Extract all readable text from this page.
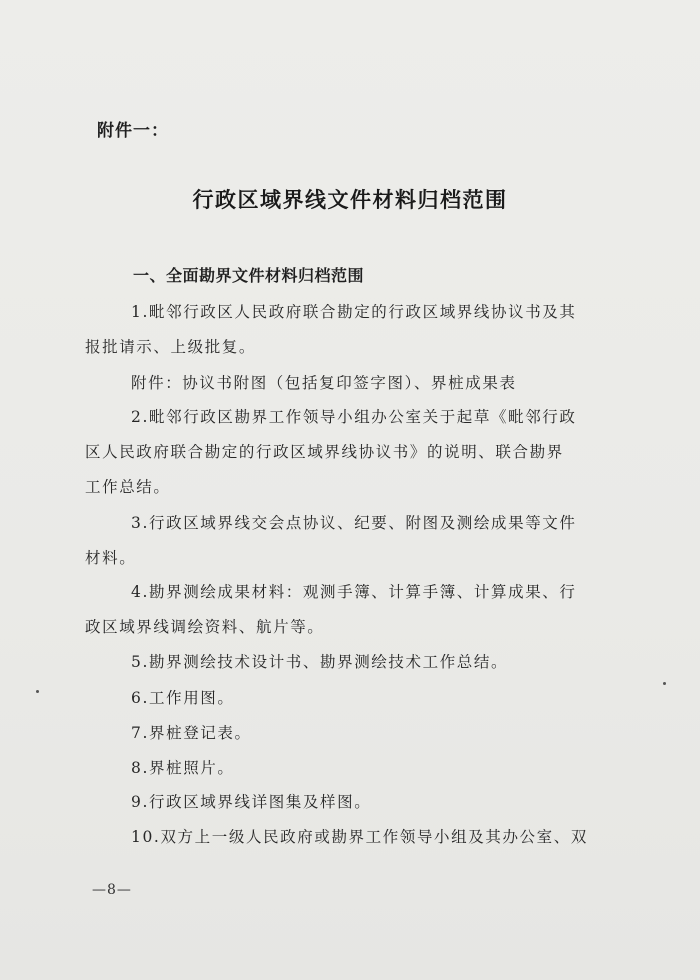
附件一：
行政区域界线文件材料归档范围
一、全面勘界文件材料归档范围
1.毗邻行政区人民政府联合勘定的行政区域界线协议书及其
报批请示、上级批复。
附件：协议书附图（包括复印签字图）、界桩成果表
2.毗邻行政区勘界工作领导小组办公室关于起草《毗邻行政
区人民政府联合勘定的行政区域界线协议书》的说明、联合勘界
工作总结。
3.行政区域界线交会点协议、纪要、附图及测绘成果等文件
材料。
4.勘界测绘成果材料：观测手簿、计算手簿、计算成果、行
政区域界线调绘资料、航片等。
5.勘界测绘技术设计书、勘界测绘技术工作总结。
6.工作用图。
7.界桩登记表。
8.界桩照片。
9.行政区域界线详图集及样图。
10.双方上一级人民政府或勘界工作领导小组及其办公室、双
—8—
